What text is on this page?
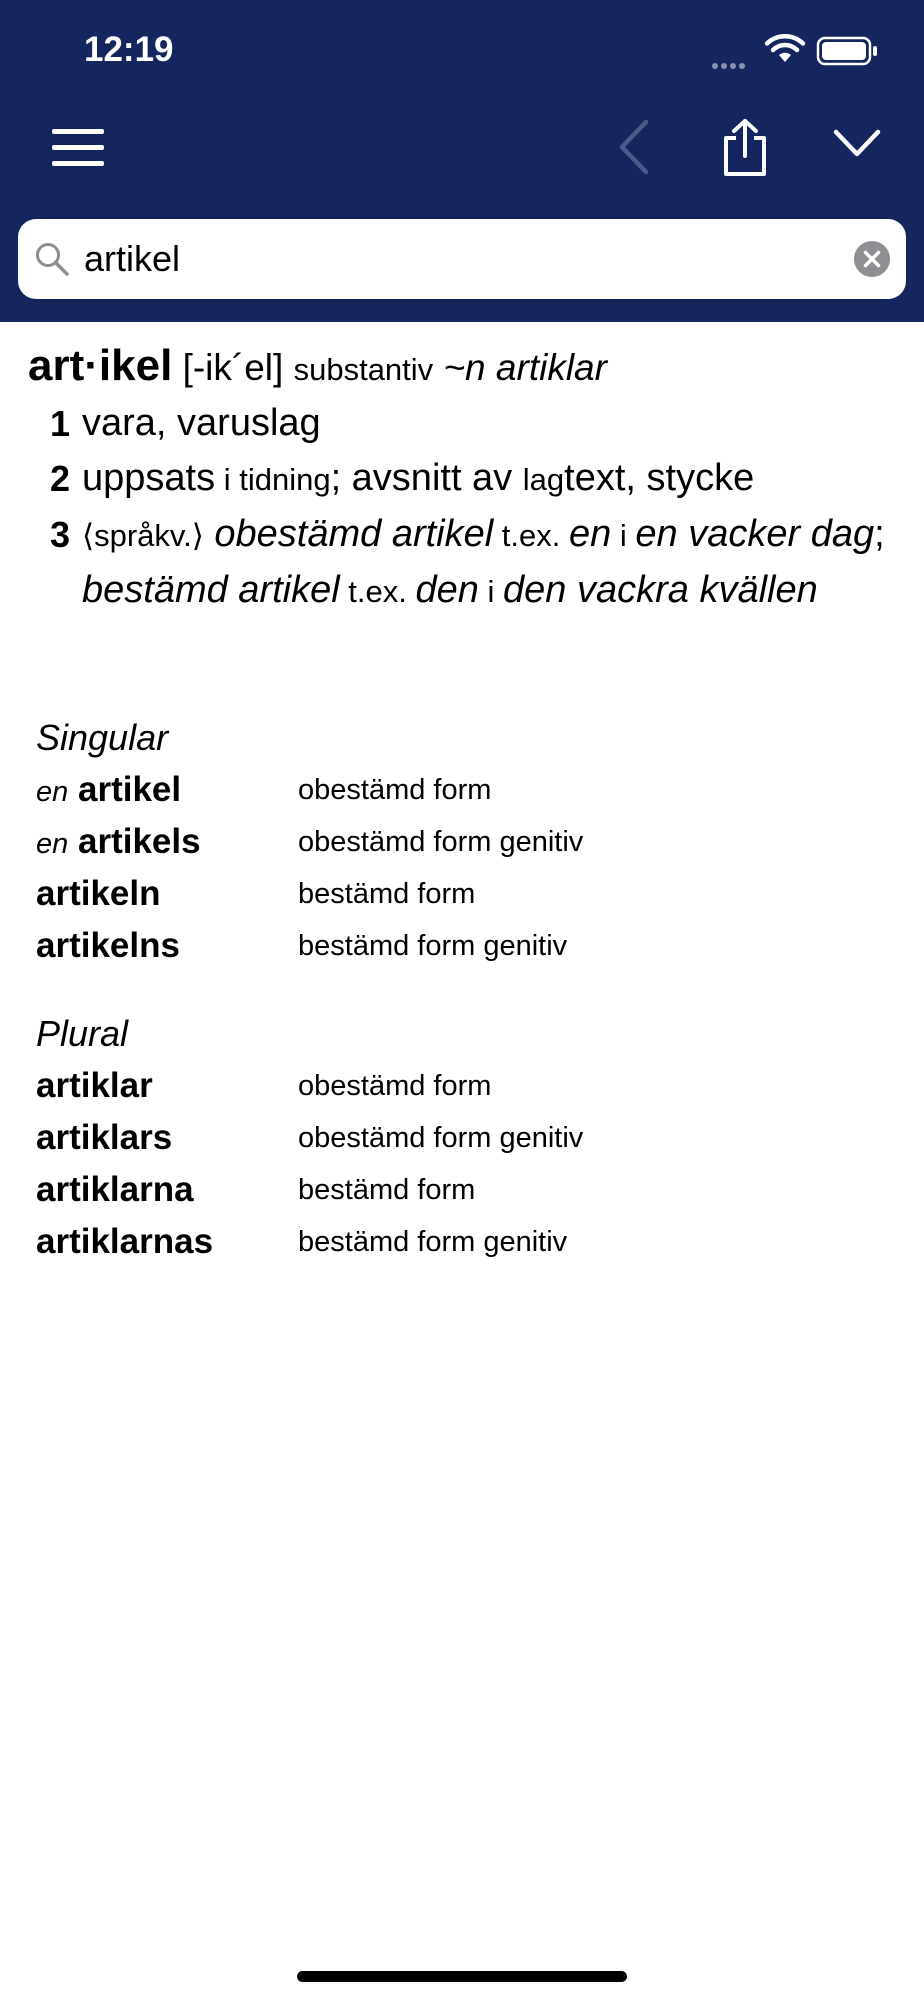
12:19
artikel
art·ikel [-ik´el] substantiv ~n artiklar
1 vara, varuslag
2 uppsats i tidning; avsnitt av lagtext, stycke
3 ⟨språkv.⟩ obestämd artikel t.ex. en i en vacker dag; bestämd artikel t.ex. den i den vackra kvällen
Singular
en artikel	obestämd form
en artikels	obestämd form genitiv
artikeln	bestämd form
artikelns	bestämd form genitiv
Plural
artiklar	obestämd form
artiklars	obestämd form genitiv
artiklarna	bestämd form
artiklarnas	bestämd form genitiv
